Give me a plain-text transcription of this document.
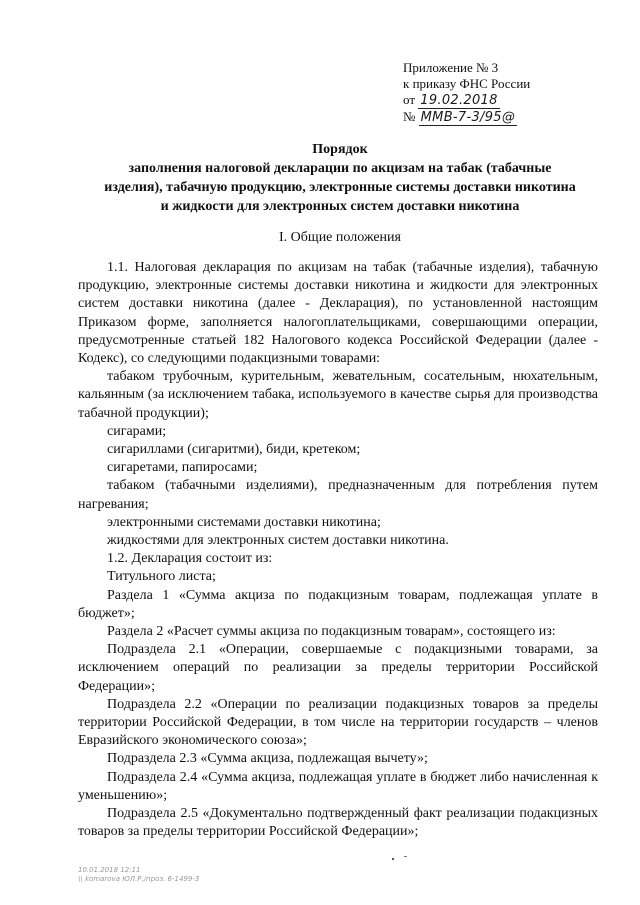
Приложение № 3
к приказу ФНС России
от 19.02.2018
№ ММВ-7-3/95@
Порядок
заполнения налоговой декларации по акцизам на табак (табачные
изделия), табачную продукцию, электронные системы доставки никотина
и жидкости для электронных систем доставки никотина
I. Общие положения

1.1. Налоговая декларация по акцизам на табак (табачные изделия), табачную продукцию, электронные системы доставки никотина и жидкости для электронных систем доставки никотина (далее - Декларация), по установленной настоящим Приказом форме, заполняется налогоплательщиками, совершающими операции, предусмотренные статьей 182 Налогового кодекса Российской Федерации (далее - Кодекс), со следующими подакцизными товарами:

табаком трубочным, курительным, жевательным, сосательным, нюхательным, кальянным (за исключением табака, используемого в качестве сырья для производства табачной продукции);

сигарами;

сигариллами (сигаритми), биди, кретеком;

сигаретами, папиросами;

табаком (табачными изделиями), предназначенным для потребления путем нагревания;

электронными системами доставки никотина;

жидкостями для электронных систем доставки никотина.

1.2. Декларация состоит из:

Титульного листа;

Раздела 1 «Сумма акциза по подакцизным товарам, подлежащая уплате в бюджет»;

Раздела 2 «Расчет суммы акциза по подакцизным товарам», состоящего из:

Подраздела 2.1 «Операции, совершаемые с подакцизными товарами, за исключением операций по реализации за пределы территории Российской Федерации»;

Подраздела 2.2 «Операции по реализации подакцизных товаров за пределы территории Российской Федерации, в том числе на территории государств – членов Евразийского экономического союза»;

Подраздела 2.3 «Сумма акциза, подлежащая вычету»;

Подраздела 2.4 «Сумма акциза, подлежащая уплате в бюджет либо начисленная к уменьшению»;

Подраздела 2.5 «Документально подтвержденный факт реализации подакцизных товаров за пределы территории Российской Федерации»;

10.01.2018 12:11
\\ komarova ЮЛ.Р./проз. 6-1499-3
